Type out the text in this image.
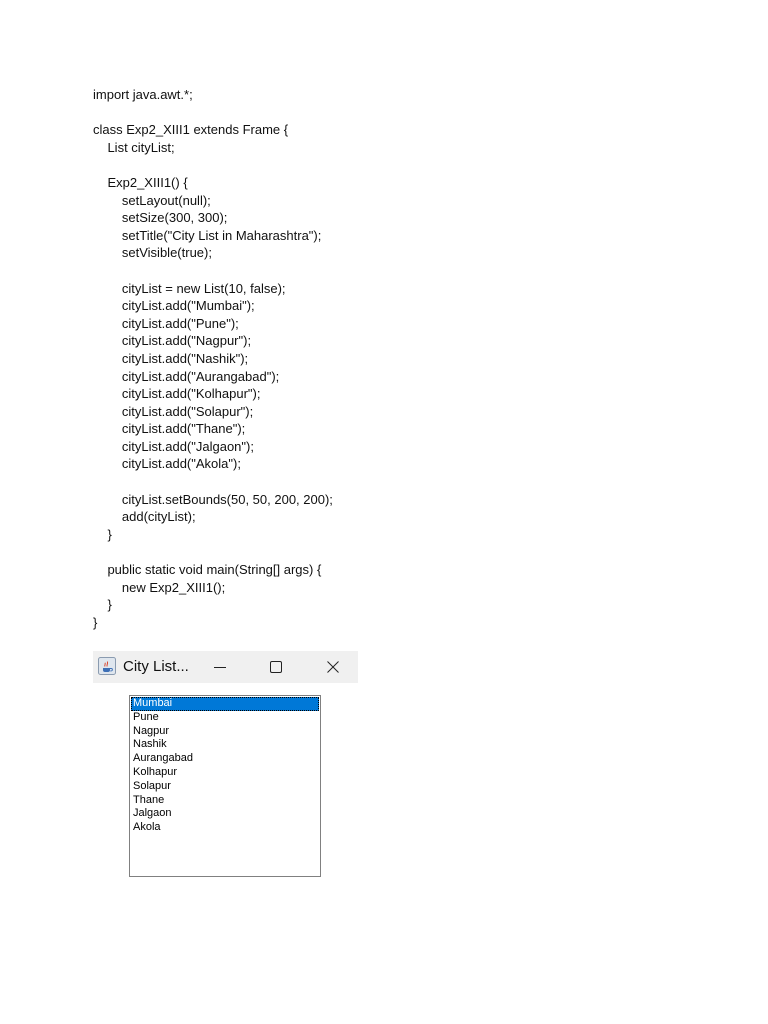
import java.awt.*;
class Exp2_XIII1 extends Frame {
List cityList;
Exp2_XIII1() {
setLayout(null);
setSize(300, 300);
setTitle("City List in Maharashtra");
setVisible(true);
cityList = new List(10, false);
cityList.add("Mumbai");
cityList.add("Pune");
cityList.add("Nagpur");
cityList.add("Nashik");
cityList.add("Aurangabad");
cityList.add("Kolhapur");
cityList.add("Solapur");
cityList.add("Thane");
cityList.add("Jalgaon");
cityList.add("Akola");
cityList.setBounds(50, 50, 200, 200);
add(cityList);
}
public static void main(String[] args) {
new Exp2_XIII1();
}
}
City List...
Mumbai
Pune
Nagpur
Nashik
Aurangabad
Kolhapur
Solapur
Thane
Jalgaon
Akola
